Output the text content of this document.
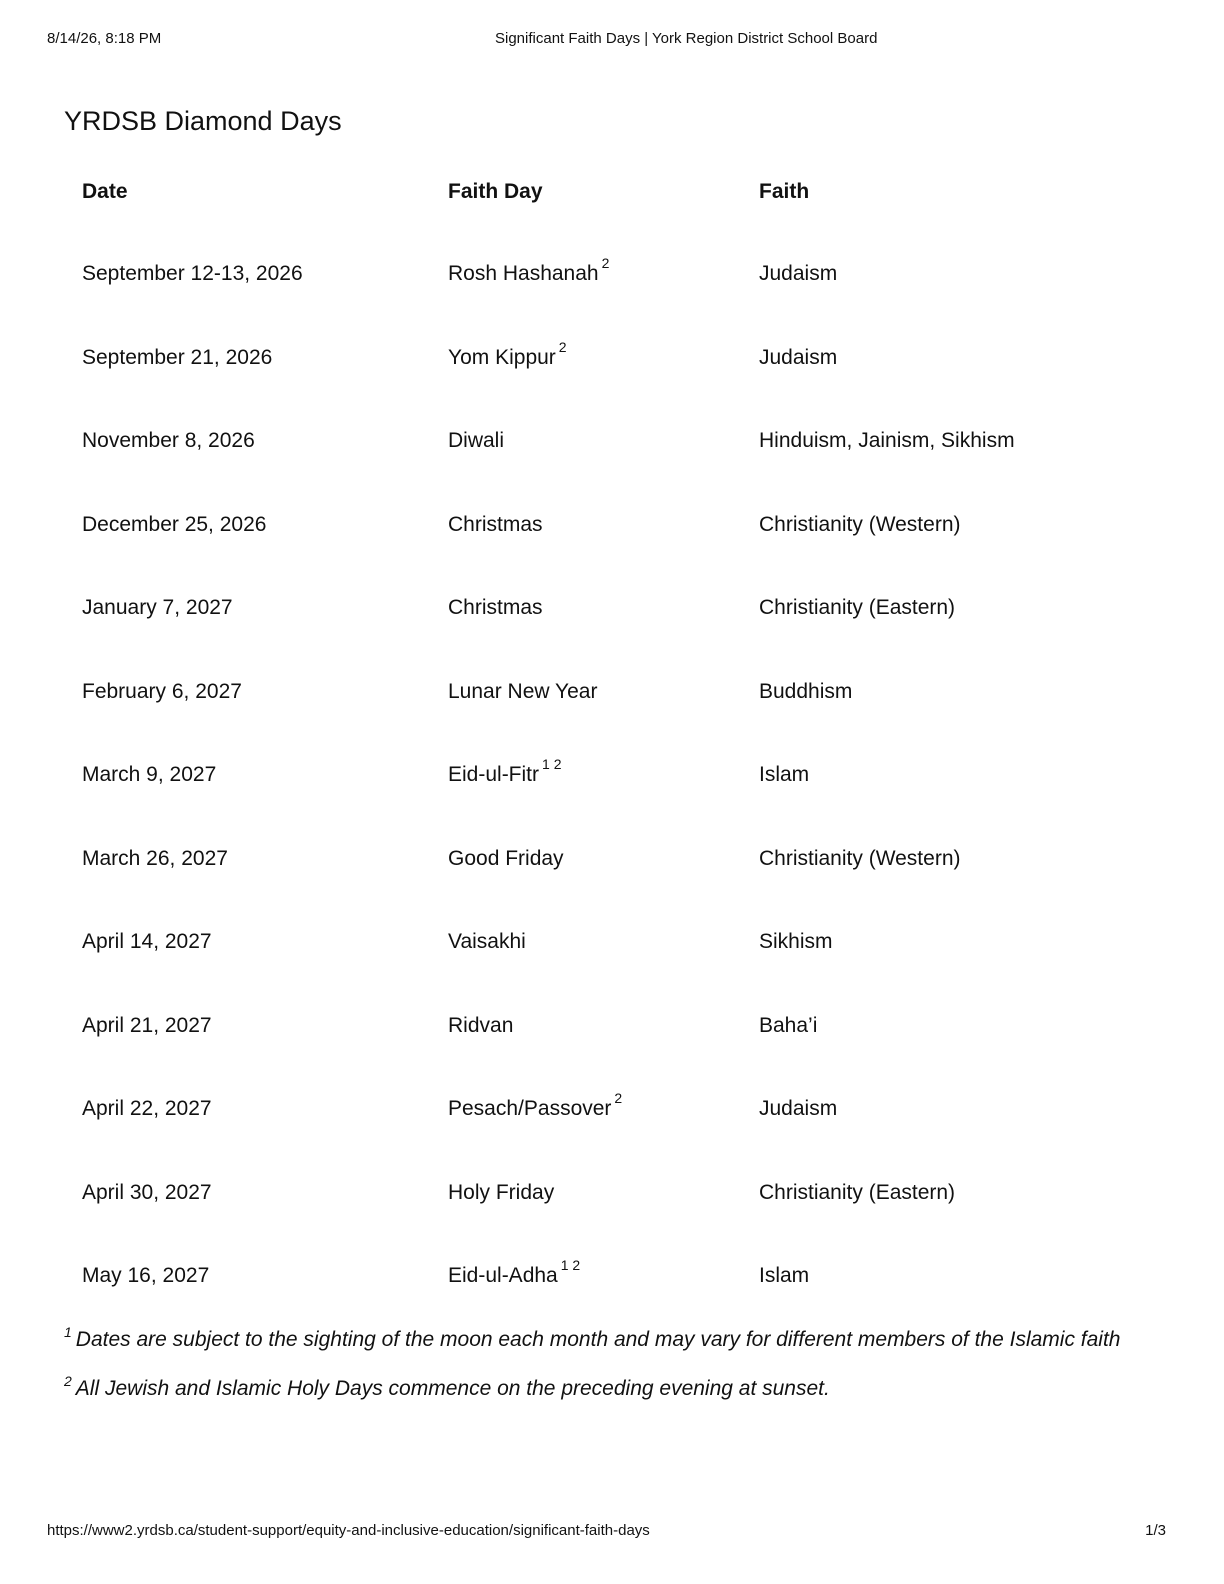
8/14/26, 8:18 PM	Significant Faith Days | York Region District School Board
YRDSB Diamond Days
Date	Faith Day	Faith
September 12-13, 2026	Rosh Hashanah $^2$	Judaism
September 21, 2026	Yom Kippur $^2$	Judaism
November 8, 2026	Diwali	Hinduism, Jainism, Sikhism
December 25, 2026	Christmas	Christianity (Western)
January 7, 2027	Christmas	Christianity (Eastern)
February 6, 2027	Lunar New Year	Buddhism
March 9, 2027	Eid-ul-Fitr $^{1 2}$	Islam
March 26, 2027	Good Friday	Christianity (Western)
April 14, 2027	Vaisakhi	Sikhism
April 21, 2027	Ridvan	Baha’i
April 22, 2027	Pesach/Passover $^2$	Judaism
April 30, 2027	Holy Friday	Christianity (Eastern)
May 16, 2027	Eid-ul-Adha $^{1 2}$	Islam

$^1$ Dates are subject to the sighting of the moon each month and may vary for different members of the Islamic faith

$^2$ All Jewish and Islamic Holy Days commence on the preceding evening at sunset.

https://www2.yrdsb.ca/student-support/equity-and-inclusive-education/significant-faith-days	1/3
